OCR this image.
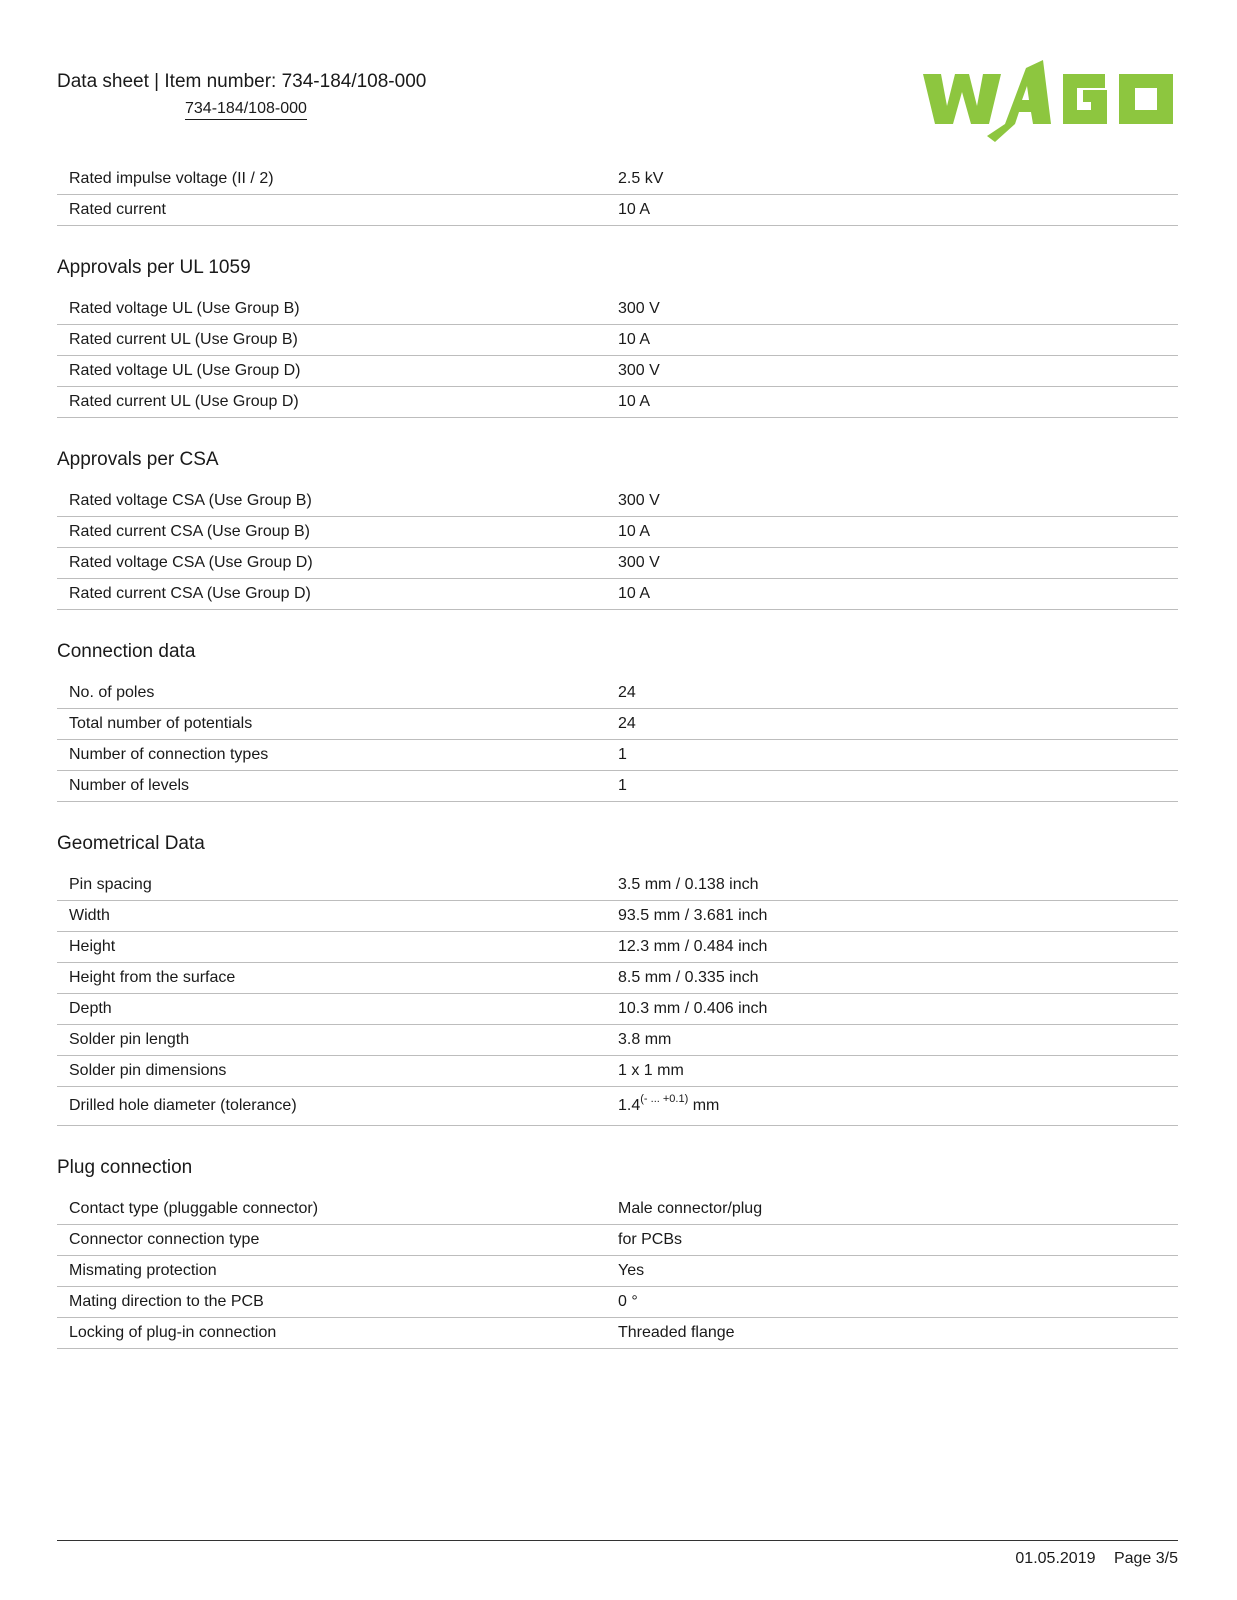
Data sheet | Item number: 734-184/108-000
734-184/108-000
Rated impulse voltage (II / 2)	2.5 kV
Rated current	10 A
Approvals per UL 1059
Rated voltage UL (Use Group B)	300 V
Rated current UL (Use Group B)	10 A
Rated voltage UL (Use Group D)	300 V
Rated current UL (Use Group D)	10 A
Approvals per CSA
Rated voltage CSA (Use Group B)	300 V
Rated current CSA (Use Group B)	10 A
Rated voltage CSA (Use Group D)	300 V
Rated current CSA (Use Group D)	10 A
Connection data
No. of poles	24
Total number of potentials	24
Number of connection types	1
Number of levels	1
Geometrical Data
Pin spacing	3.5 mm / 0.138 inch
Width	93.5 mm / 3.681 inch
Height	12.3 mm / 0.484 inch
Height from the surface	8.5 mm / 0.335 inch
Depth	10.3 mm / 0.406 inch
Solder pin length	3.8 mm
Solder pin dimensions	1 x 1 mm
Drilled hole diameter (tolerance)	$1.4^{(- ... +0.1)}$ mm
Plug connection
Contact type (pluggable connector)	Male connector/plug
Connector connection type	for PCBs
Mismating protection	Yes
Mating direction to the PCB	0 °
Locking of plug-in connection	Threaded flange
01.05.2019 Page 3/5
